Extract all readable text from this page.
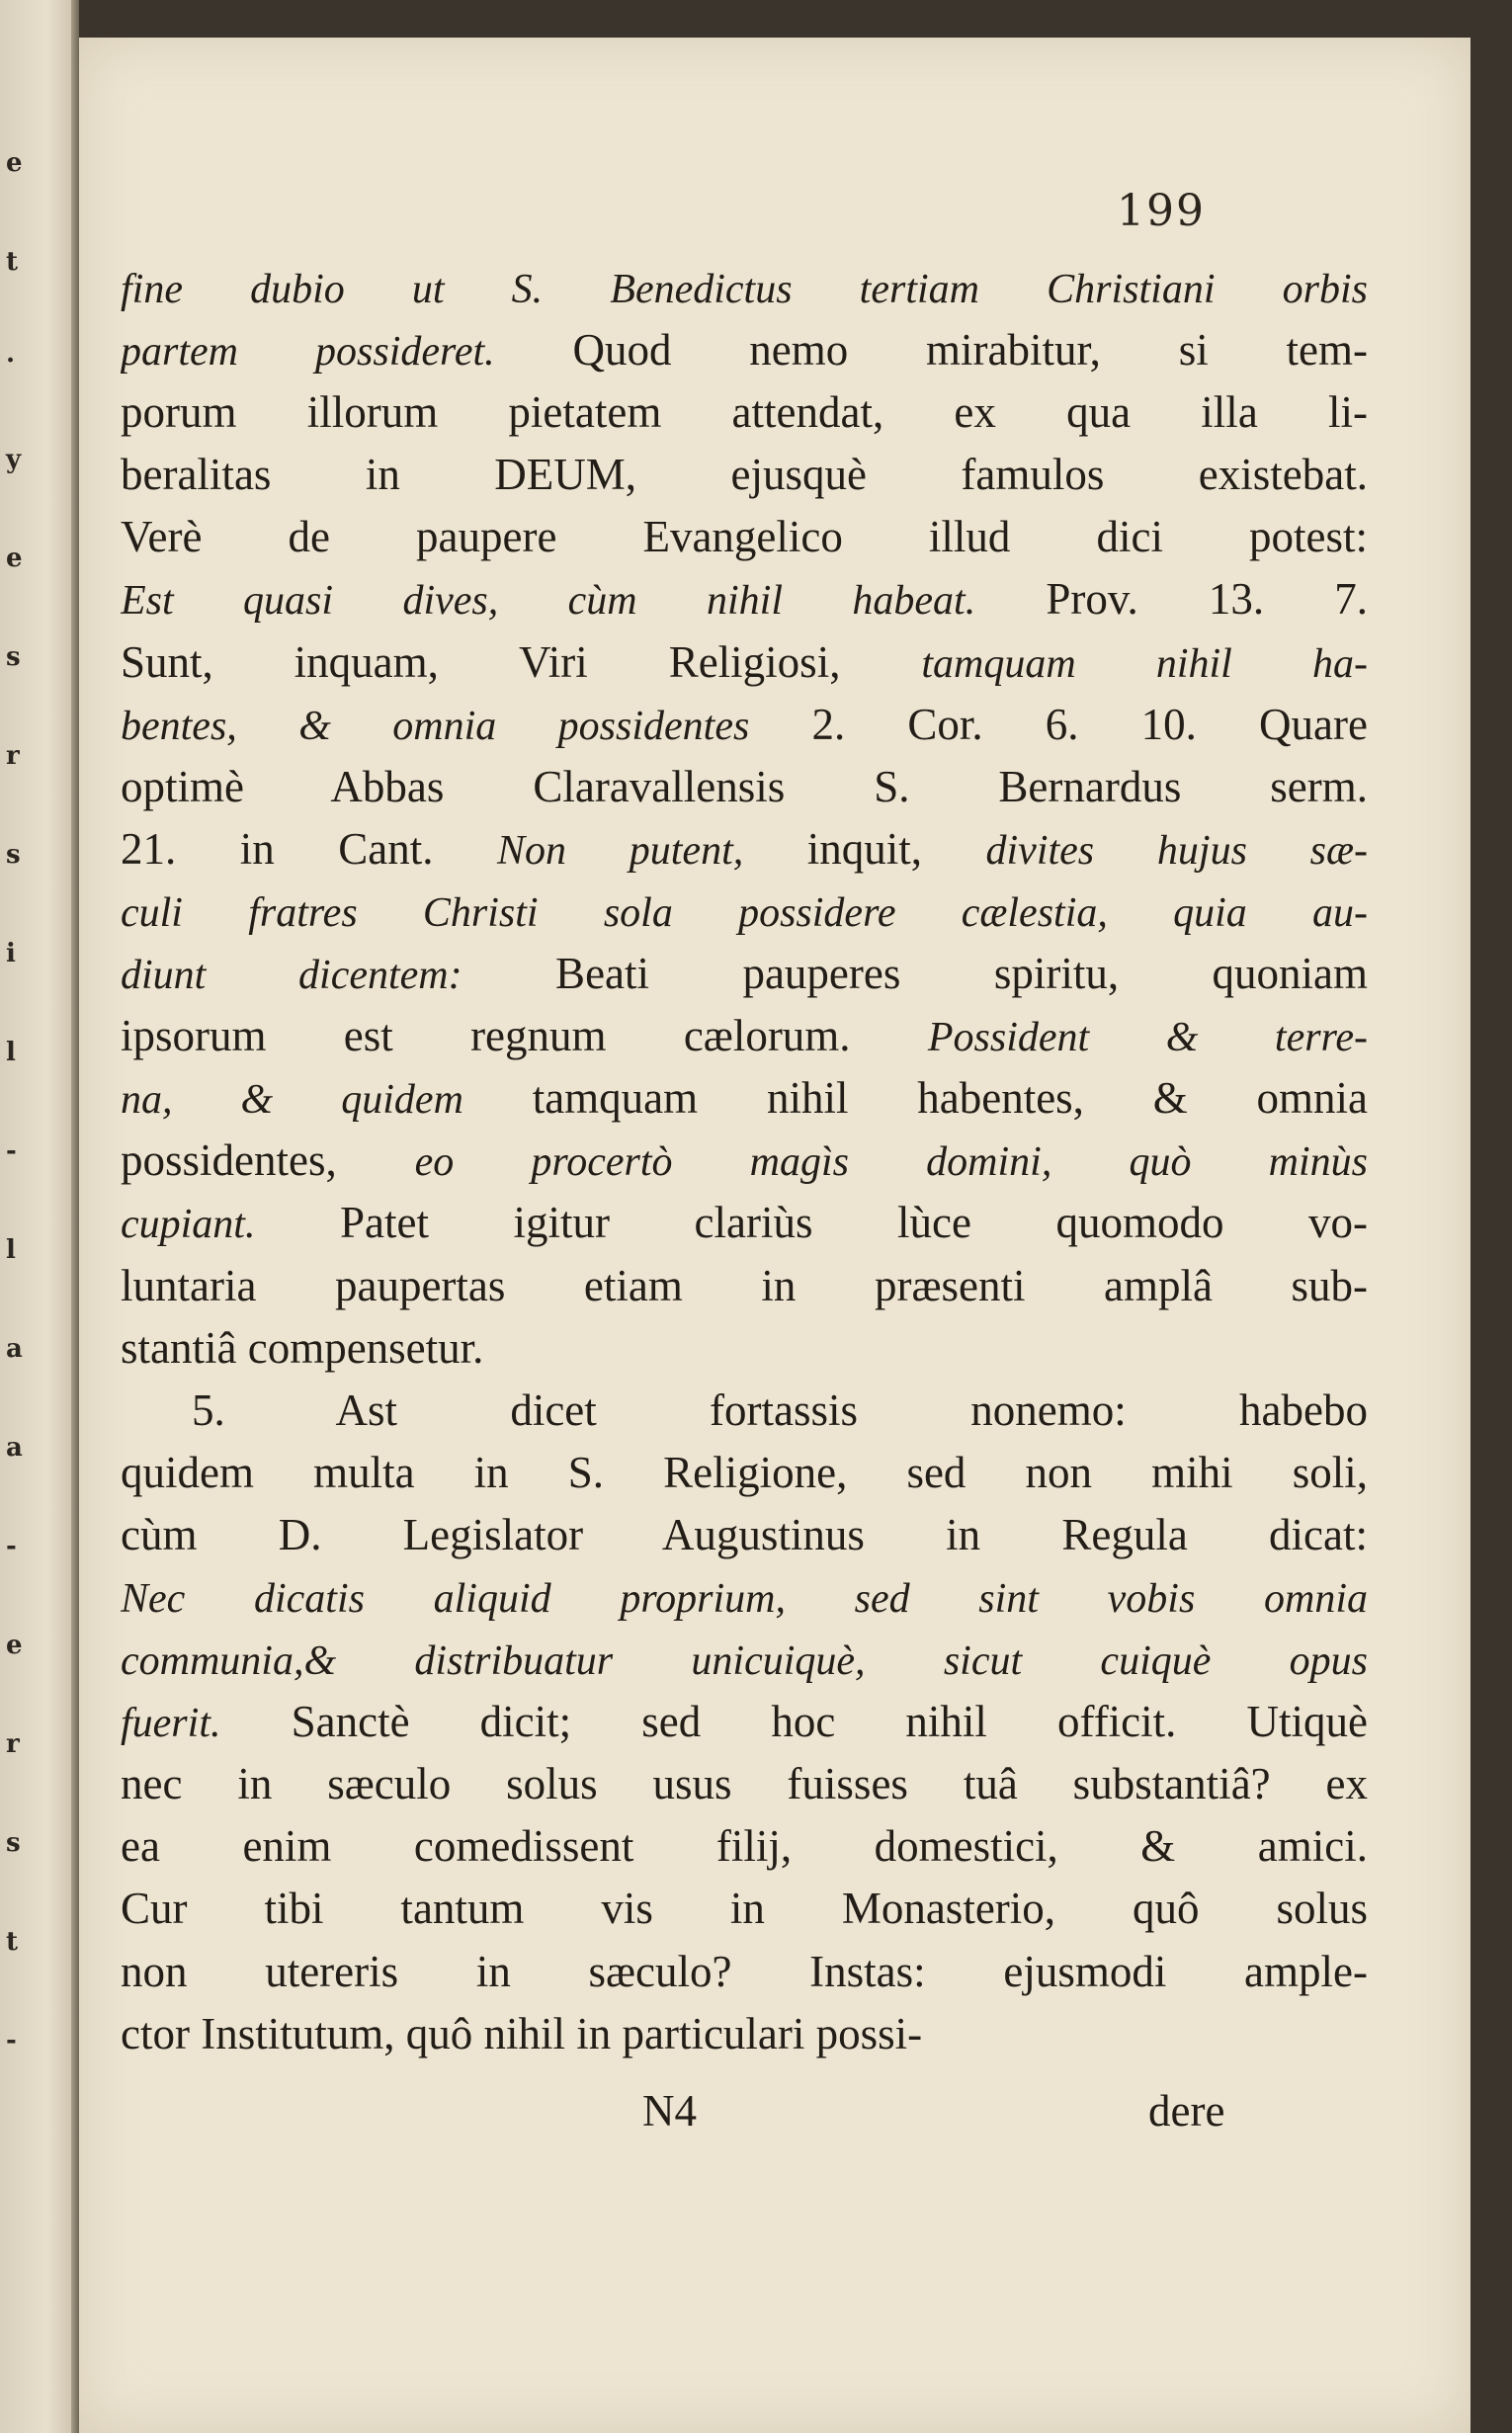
e
t
·
y
e
s
r
s
i
l
-
l
a
a
-
e
r
s
t
-
199
fine dubio ut S. Benedictus tertiam Christiani orbis
partem possideret. Quod nemo mirabitur, si tem-
porum illorum pietatem attendat, ex qua illa li-
beralitas in DEUM, ejusquè famulos existebat.
Verè de paupere Evangelico illud dici potest:
Est quasi dives, cùm nihil habeat. Prov. 13. 7.
Sunt, inquam, Viri Religiosi, tamquam nihil ha-
bentes, & omnia possidentes 2. Cor. 6. 10. Quare
optimè Abbas Claravallensis S. Bernardus serm.
21. in Cant. Non putent, inquit, divites hujus sæ-
culi fratres Christi sola possidere cælestia, quia au-
diunt dicentem: Beati pauperes spiritu, quoniam
ipsorum est regnum cælorum. Possident & terre-
na, & quidem tamquam nihil habentes, & omnia
possidentes, eo procertò magìs domini, quò minùs
cupiant. Patet igitur clariùs lùce quomodo vo-
luntaria paupertas etiam in præsenti amplâ sub-
stantiâ compensetur.
5. Ast dicet fortassis nonemo: habebo
quidem multa in S. Religione, sed non mihi soli,
cùm D. Legislator Augustinus in Regula dicat:
Nec dicatis aliquid proprium, sed sint vobis omnia
communia,& distribuatur unicuiquè, sicut cuiquè opus
fuerit. Sanctè dicit; sed hoc nihil officit. Utiquè
nec in sæculo solus usus fuisses tuâ substantiâ? ex
ea enim comedissent filij, domestici, & amici.
Cur tibi tantum vis in Monasterio, quô solus
non utereris in sæculo? Instas: ejusmodi ample-
ctor Institutum, quô nihil in particulari possi-
N4	dere
